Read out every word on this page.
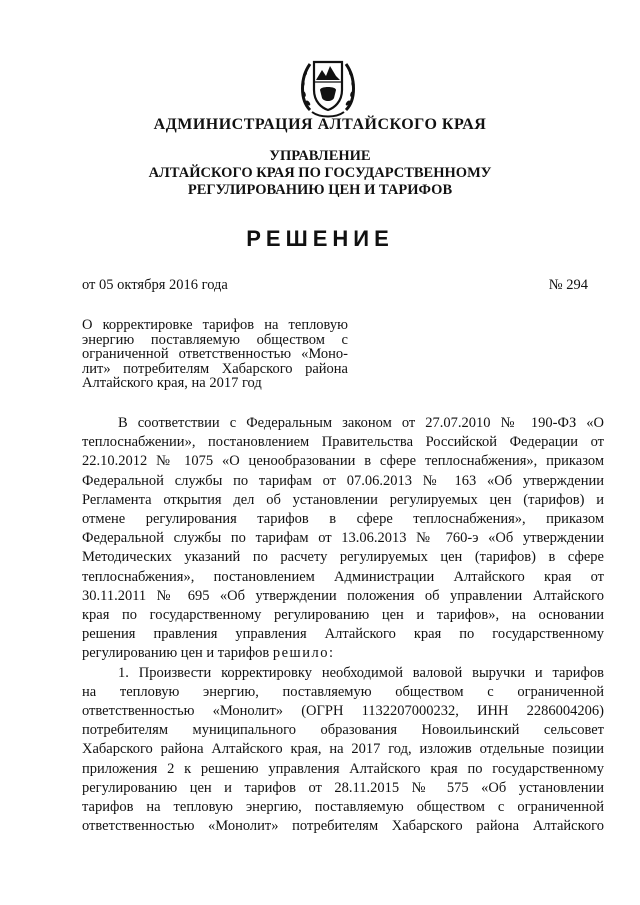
АДМИНИСТРАЦИЯ АЛТАЙСКОГО КРАЯ
УПРАВЛЕНИЕ
АЛТАЙСКОГО КРАЯ ПО ГОСУДАРСТВЕННОМУ
РЕГУЛИРОВАНИЮ ЦЕН И ТАРИФОВ
РЕШЕНИЕ
от 05 октября 2016 года	№ 294
О корректировке тарифов на тепловую
энергию поставляемую обществом с
ограниченной ответственностью «Моно-
лит» потребителям Хабарского района
Алтайского края, на 2017 год
В соответствии с Федеральным законом от 27.07.2010 № 190-ФЗ «О
теплоснабжении», постановлением Правительства Российской Федерации от
22.10.2012 № 1075 «О ценообразовании в сфере теплоснабжения», приказом
Федеральной службы по тарифам от 07.06.2013 № 163 «Об утверждении
Регламента открытия дел об установлении регулируемых цен (тарифов) и
отмене регулирования тарифов в сфере теплоснабжения», приказом
Федеральной службы по тарифам от 13.06.2013 № 760-э «Об утверждении
Методических указаний по расчету регулируемых цен (тарифов) в сфере
теплоснабжения», постановлением Администрации Алтайского края от
30.11.2011 № 695 «Об утверждении положения об управлении Алтайского
края по государственному регулированию цен и тарифов», на основании
решения правления управления Алтайского края по государственному
регулированию цен и тарифов решило:
1. Произвести корректировку необходимой валовой выручки и тарифов
на тепловую энергию, поставляемую обществом с ограниченной
ответственностью «Монолит» (ОГРН 1132207000232, ИНН 2286004206)
потребителям муниципального образования Новоильинский сельсовет
Хабарского района Алтайского края, на 2017 год, изложив отдельные позиции
приложения 2 к решению управления Алтайского края по государственному
регулированию цен и тарифов от 28.11.2015 № 575 «Об установлении
тарифов на тепловую энергию, поставляемую обществом с ограниченной
ответственностью «Монолит» потребителям Хабарского района Алтайского
